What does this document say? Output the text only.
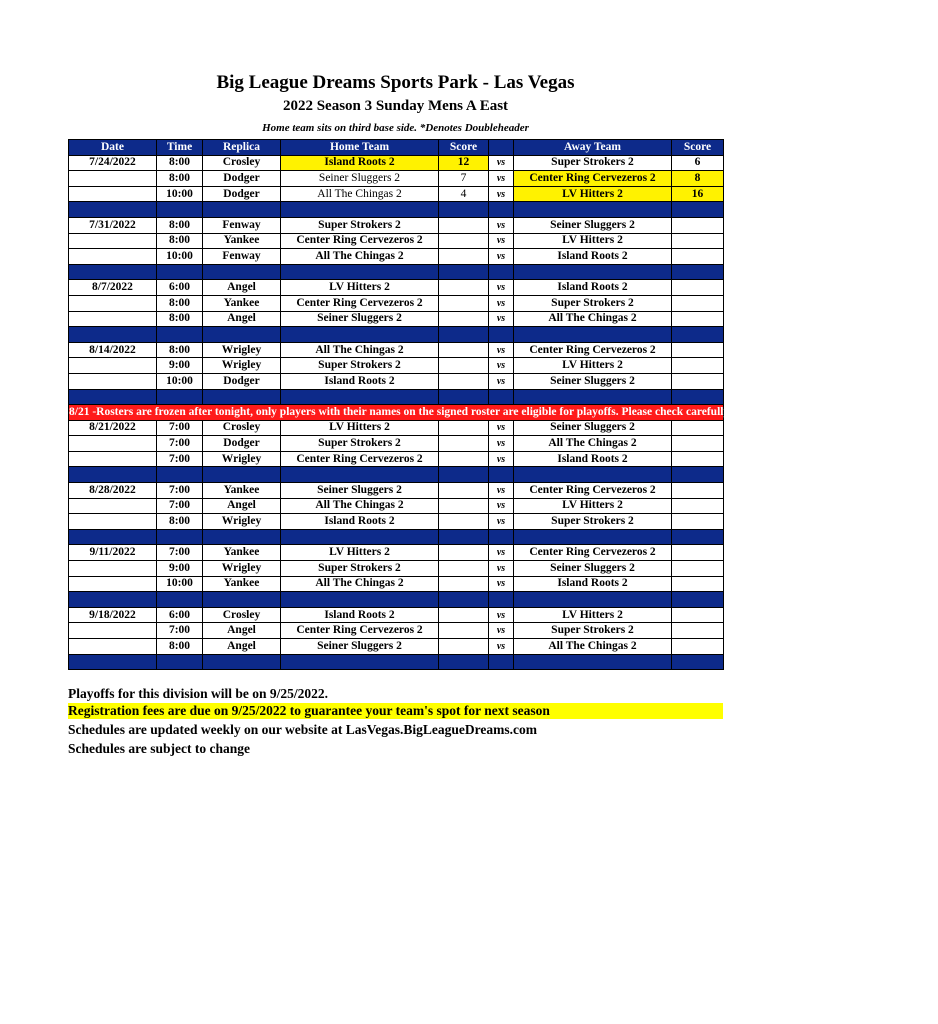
Big League Dreams Sports Park - Las Vegas
2022 Season 3 Sunday Mens A East
Home team sits on third base side. *Denotes Doubleheader
Date	Time	Replica	Home Team	Score		Away Team	Score
7/24/2022	8:00	Crosley	Island Roots 2	12	vs	Super Strokers 2	6
	8:00	Dodger	Seiner Sluggers 2	7	vs	Center Ring Cervezeros 2	8
	10:00	Dodger	All The Chingas 2	4	vs	LV Hitters 2	16

7/31/2022	8:00	Fenway	Super Strokers 2		vs	Seiner Sluggers 2	
	8:00	Yankee	Center Ring Cervezeros 2		vs	LV Hitters 2	
	10:00	Fenway	All The Chingas 2		vs	Island Roots 2	

8/7/2022	6:00	Angel	LV Hitters 2		vs	Island Roots 2	
	8:00	Yankee	Center Ring Cervezeros 2		vs	Super Strokers 2	
	8:00	Angel	Seiner Sluggers 2		vs	All The Chingas 2	

8/14/2022	8:00	Wrigley	All The Chingas 2		vs	Center Ring Cervezeros 2	
	9:00	Wrigley	Super Strokers 2		vs	LV Hitters 2	
	10:00	Dodger	Island Roots 2		vs	Seiner Sluggers 2	

8/21 -Rosters are frozen after tonight, only players with their names on the signed roster are eligible for playoffs. Please check carefully as changes will not be made for omissions.							
8/21/2022	7:00	Crosley	LV Hitters 2		vs	Seiner Sluggers 2	
	7:00	Dodger	Super Strokers 2		vs	All The Chingas 2	
	7:00	Wrigley	Center Ring Cervezeros 2		vs	Island Roots 2	

8/28/2022	7:00	Yankee	Seiner Sluggers 2		vs	Center Ring Cervezeros 2	
	7:00	Angel	All The Chingas 2		vs	LV Hitters 2	
	8:00	Wrigley	Island Roots 2		vs	Super Strokers 2	

9/11/2022	7:00	Yankee	LV Hitters 2		vs	Center Ring Cervezeros 2	
	9:00	Wrigley	Super Strokers 2		vs	Seiner Sluggers 2	
	10:00	Yankee	All The Chingas 2		vs	Island Roots 2	

9/18/2022	6:00	Crosley	Island Roots 2		vs	LV Hitters 2	
	7:00	Angel	Center Ring Cervezeros 2		vs	Super Strokers 2	
	8:00	Angel	Seiner Sluggers 2		vs	All The Chingas 2	

Playoffs for this division will be on 9/25/2022.
Registration fees are due on 9/25/2022 to guarantee your team's spot for next season
Schedules are updated weekly on our website at LasVegas.BigLeagueDreams.com
Schedules are subject to change
